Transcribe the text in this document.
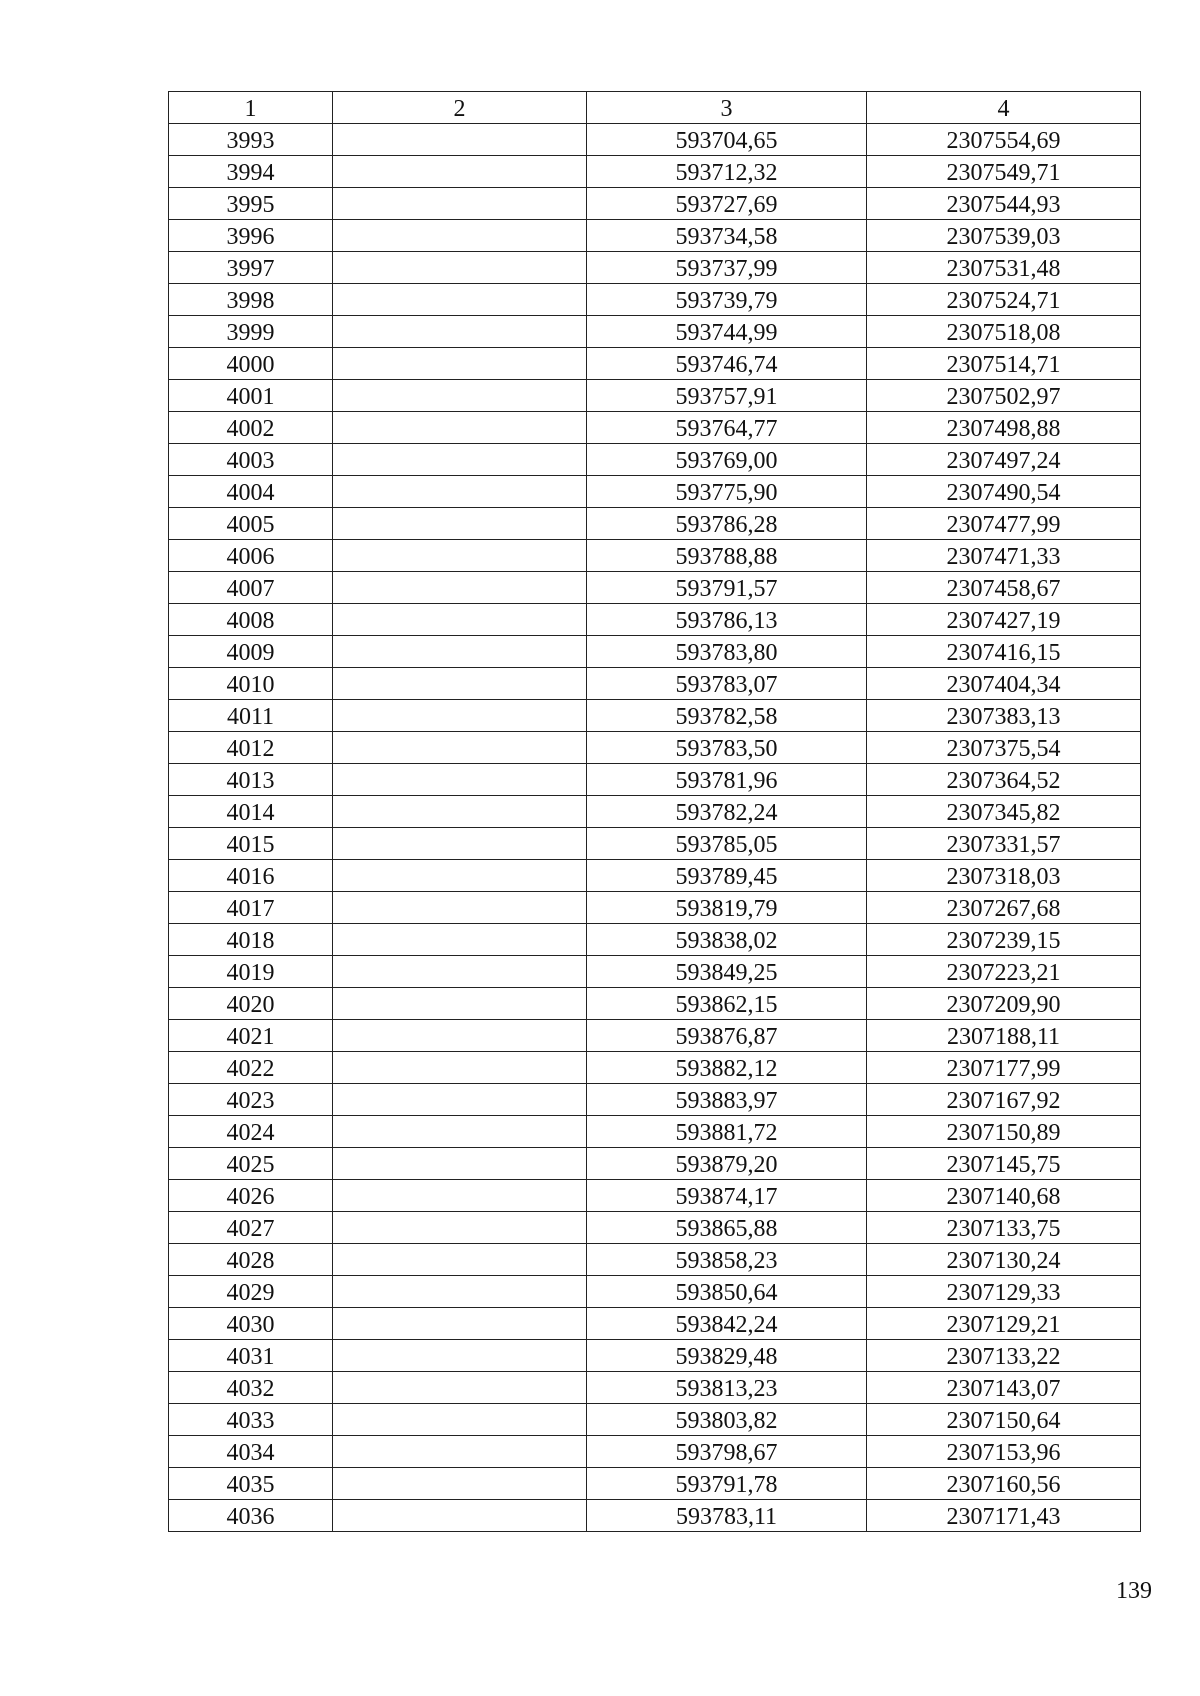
1	2	3	4
3993		593704,65	2307554,69
3994		593712,32	2307549,71
3995		593727,69	2307544,93
3996		593734,58	2307539,03
3997		593737,99	2307531,48
3998		593739,79	2307524,71
3999		593744,99	2307518,08
4000		593746,74	2307514,71
4001		593757,91	2307502,97
4002		593764,77	2307498,88
4003		593769,00	2307497,24
4004		593775,90	2307490,54
4005		593786,28	2307477,99
4006		593788,88	2307471,33
4007		593791,57	2307458,67
4008		593786,13	2307427,19
4009		593783,80	2307416,15
4010		593783,07	2307404,34
4011		593782,58	2307383,13
4012		593783,50	2307375,54
4013		593781,96	2307364,52
4014		593782,24	2307345,82
4015		593785,05	2307331,57
4016		593789,45	2307318,03
4017		593819,79	2307267,68
4018		593838,02	2307239,15
4019		593849,25	2307223,21
4020		593862,15	2307209,90
4021		593876,87	2307188,11
4022		593882,12	2307177,99
4023		593883,97	2307167,92
4024		593881,72	2307150,89
4025		593879,20	2307145,75
4026		593874,17	2307140,68
4027		593865,88	2307133,75
4028		593858,23	2307130,24
4029		593850,64	2307129,33
4030		593842,24	2307129,21
4031		593829,48	2307133,22
4032		593813,23	2307143,07
4033		593803,82	2307150,64
4034		593798,67	2307153,96
4035		593791,78	2307160,56
4036		593783,11	2307171,43
139
